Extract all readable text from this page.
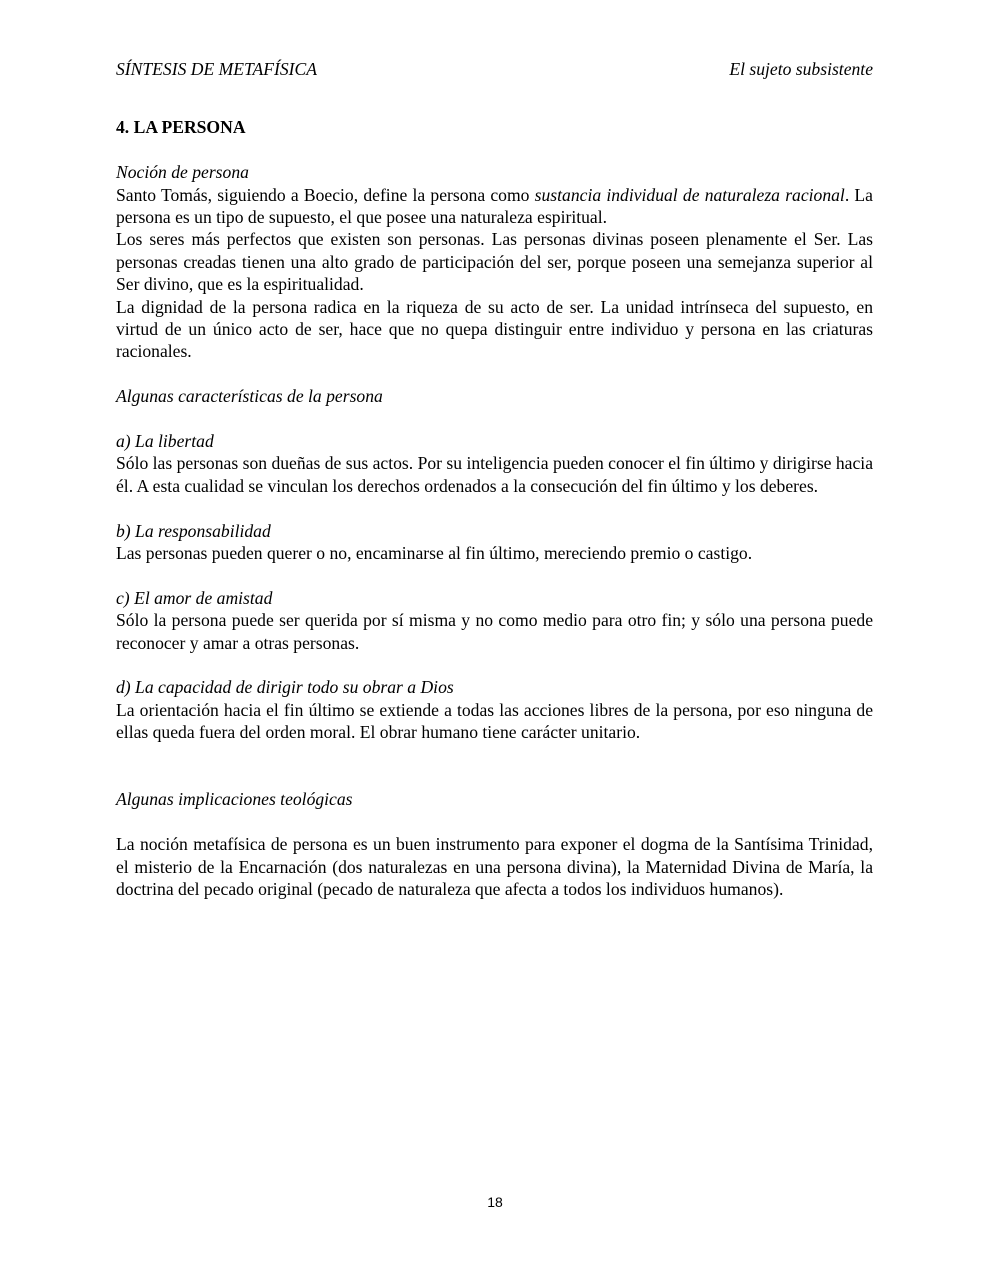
SÍNTESIS DE METAFÍSICA	El sujeto subsistente
4. LA PERSONA
Noción de persona

Santo Tomás, siguiendo a Boecio, define la persona como sustancia individual de naturaleza racional. La persona es un tipo de supuesto, el que posee una naturaleza espiritual.

Los seres más perfectos que existen son personas. Las personas divinas poseen plenamente el Ser. Las personas creadas tienen una alto grado de participación del ser, porque poseen una semejanza superior al Ser divino, que es la espiritualidad.

La dignidad de la persona radica en la riqueza de su acto de ser. La unidad intrínseca del supuesto, en virtud de un único acto de ser, hace que no quepa distinguir entre individuo y persona en las criaturas racionales.

Algunas características de la persona
a) La libertad

Sólo las personas son dueñas de sus actos. Por su inteligencia pueden conocer el fin último y dirigirse hacia él. A esta cualidad se vinculan los derechos ordenados a la consecución del fin último y los deberes.

b) La responsabilidad

Las personas pueden querer o no, encaminarse al fin último, mereciendo premio o castigo.

c) El amor de amistad

Sólo la persona puede ser querida por sí misma y no como medio para otro fin; y sólo una persona puede reconocer y amar a otras personas.

d) La capacidad de dirigir todo su obrar a Dios

La orientación hacia el fin último se extiende a todas las acciones libres de la persona, por eso ninguna de ellas queda fuera del orden moral. El obrar humano tiene carácter unitario.

Algunas implicaciones teológicas

La noción metafísica de persona es un buen instrumento para exponer el dogma de la Santísima Trinidad, el misterio de la Encarnación (dos naturalezas en una persona divina), la Maternidad Divina de María, la doctrina del pecado original (pecado de naturaleza que afecta a todos los individuos humanos).

18
